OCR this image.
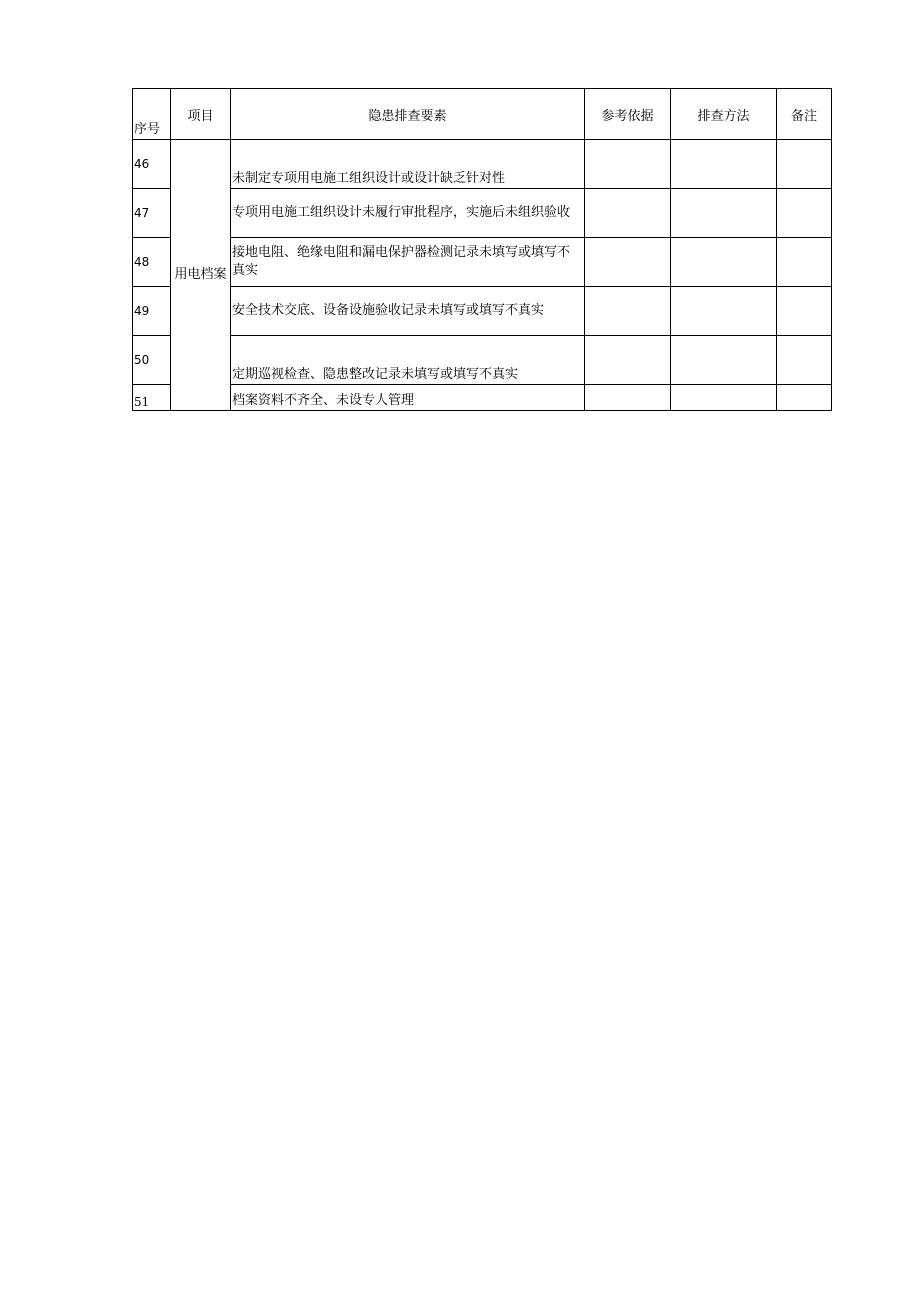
序号	项目	隐患排查要素	参考依据	排查方法	备注
46	用电档案	未制定专项用电施工组织设计或设计缺乏针对性			
47		专项用电施工组织设计未履行审批程序，实施后未组织验收			
48		接地电阻、绝缘电阻和漏电保护器检测记录未填写或填写不真实			
49		安全技术交底、设备设施验收记录未填写或填写不真实			
50		定期巡视检查、隐患整改记录未填写或填写不真实			
51		档案资料不齐全、未设专人管理			
